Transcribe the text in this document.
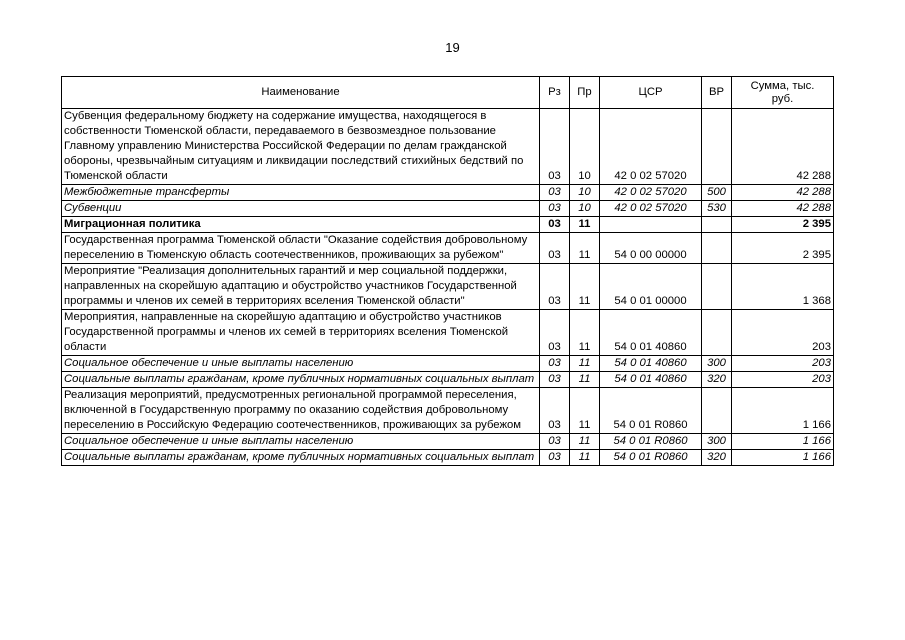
19
Наименование	Рз	Пр	ЦСР	ВР	Сумма, тыс. руб.
Субвенция федеральному бюджету на содержание имущества, находящегося в собственности Тюменской области, передаваемого в безвозмездное пользование Главному управлению Министерства Российской Федерации по делам гражданской обороны, чрезвычайным ситуациям и ликвидации последствий стихийных бедствий по Тюменской области	03	10	42 0 02 57020		42 288
Межбюджетные трансферты	03	10	42 0 02 57020	500	42 288
Субвенции	03	10	42 0 02 57020	530	42 288
Миграционная политика	03	11			2 395
Государственная программа Тюменской области "Оказание содействия добровольному переселению в Тюменскую область соотечественников, проживающих за рубежом"	03	11	54 0 00 00000		2 395
Мероприятие "Реализация дополнительных гарантий и мер социальной поддержки, направленных на скорейшую адаптацию и обустройство участников Государственной программы и членов их семей в территориях вселения Тюменской области"	03	11	54 0 01 00000		1 368
Мероприятия, направленные на скорейшую адаптацию и обустройство участников Государственной программы и членов их семей в территориях вселения Тюменской области	03	11	54 0 01 40860		203
Социальное обеспечение и иные выплаты населению	03	11	54 0 01 40860	300	203
Социальные выплаты гражданам, кроме публичных нормативных социальных выплат	03	11	54 0 01 40860	320	203
Реализация мероприятий, предусмотренных региональной программой переселения, включенной в Государственную программу по оказанию содействия добровольному переселению в Российскую Федерацию соотечественников, проживающих за рубежом	03	11	54 0 01 R0860		1 166
Социальное обеспечение и иные выплаты населению	03	11	54 0 01 R0860	300	1 166
Социальные выплаты гражданам, кроме публичных нормативных социальных выплат	03	11	54 0 01 R0860	320	1 166
